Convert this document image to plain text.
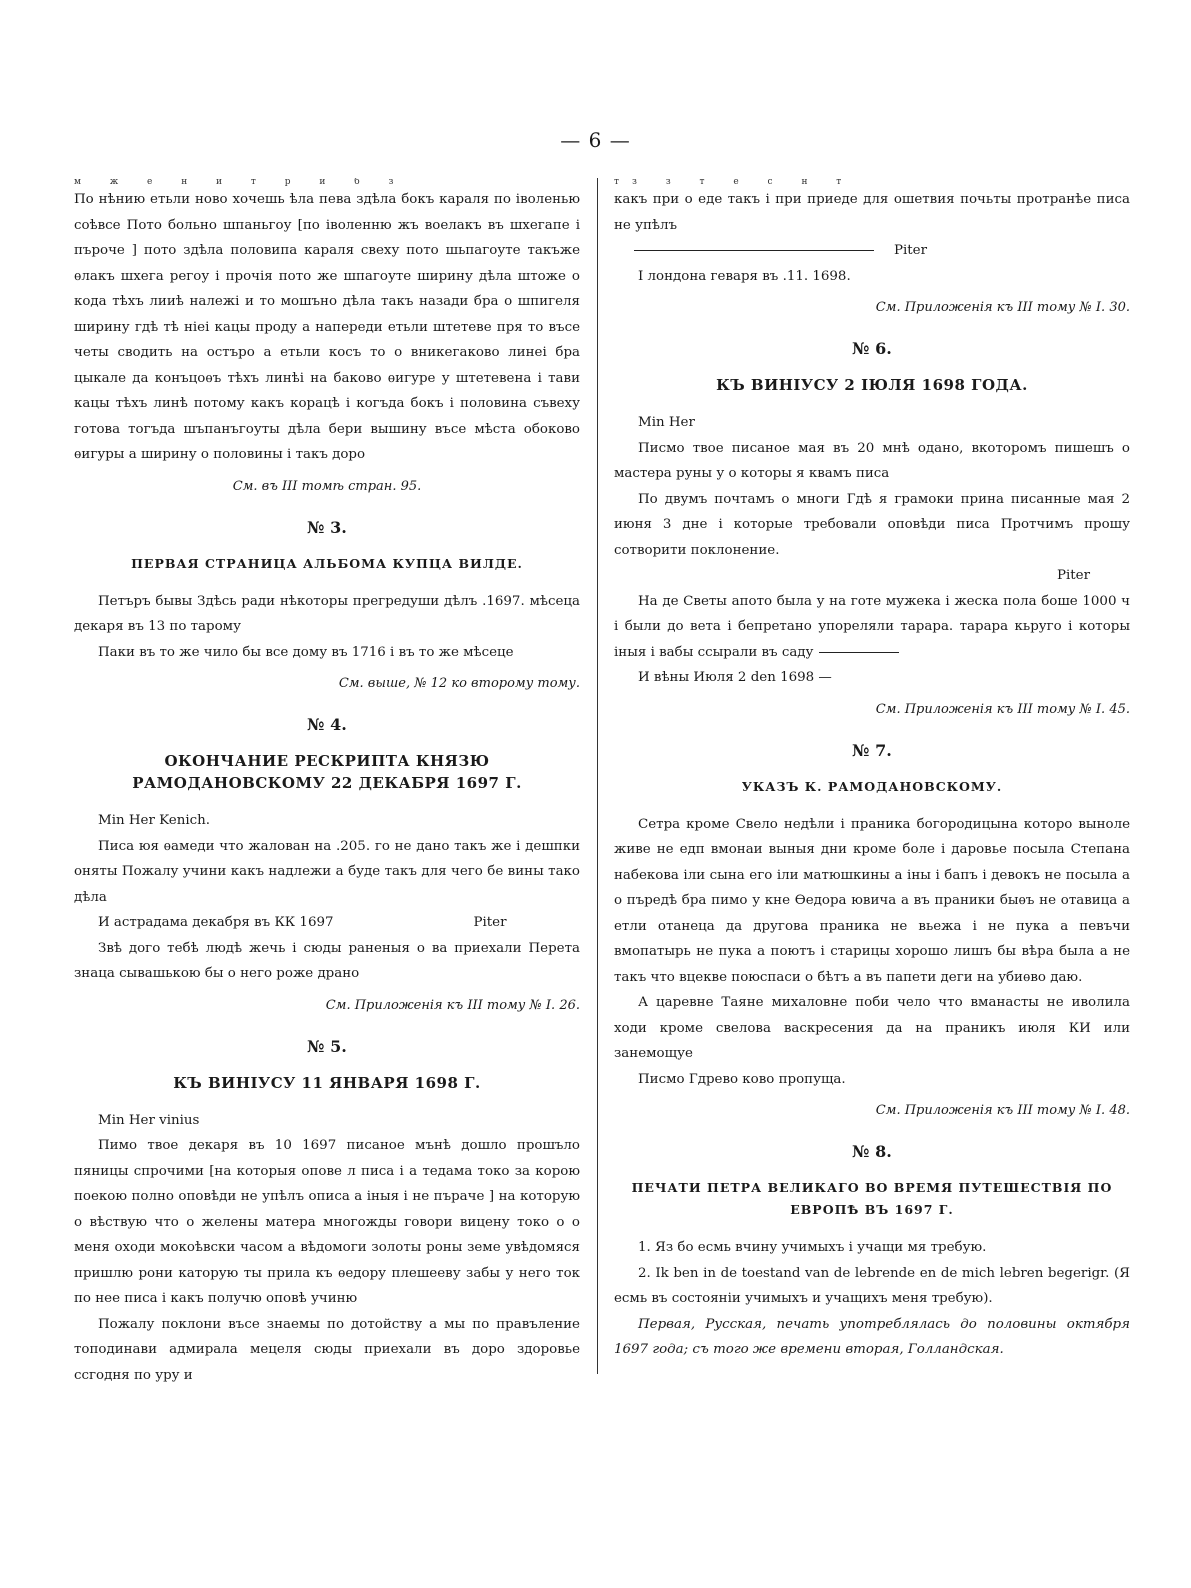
— 6 —
м ж е н и т р и б з

По нѣнию етьли ново хочешь ѣла пева здѣла бокъ караля по iволенью соѣвсе Пото больно шпаньгоу [по iволенню жъ воелакъ въ шхегапе i пъроче ] пото здѣла половипа караля свеху пото шьпагоуте такъже ѳлакъ шхега регоу i прочiя пото же шпагоуте ширину дѣла штоже о кода тѣхъ лииѣ належi и то мошъно дѣла такъ назади бра о шпигеля ширину гдѣ тѣ нiei кацы проду а напереди етьли штетеве пря то въсе четы сводить на остъро а етьли косъ то о вникегаково линеi бра цыкале да конъцоѳъ тѣхъ линѣi на баково ѳигуре у штетевена i тави кацы тѣхъ линѣ потому какъ корацѣ i когъда бокъ i половина съвеху готова тогъда шъпанъгоуты дѣла бери вышину въсе мѣста обоково ѳигуры а ширину о половины i такъ доро

См. въ III томѣ стран. 95.
№ 3.
ПЕРВАЯ СТРАНИЦА АЛЬБОМА КУПЦА ВИЛДЕ.

Петъръ бывы Здѣсь ради нѣкоторы прегредуши дѣлъ .1697. мѣсеца декаря въ 13 по тарому

Паки въ то же чило бы все дому въ 1716 i въ то же мѣсеце

См. выше, № 12 ко второму тому.
№ 4.
ОКОНЧАНИЕ РЕСКРИПТА КНЯЗЮ РАМОДАНОВСКОМУ 22 ДЕКАБРЯ 1697 Г.

Min Her Kenich.

Писа юя ѳамеди что жалован на .205. го не дано такъ же i дешпки оняты Пожалу учини какъ надлежи а буде такъ для чего бе вины тако дѣла

И астрадама декабря въ КК 1697	Piter

Звѣ дого тебѣ людѣ жечь i сюды раненыя о ва приехали Перета знаца сывашькою бы о него роже драно

См. Приложенія къ III тому № I. 26.
№ 5.
КЪ ВИНIУСУ 11 ЯНВАРЯ 1698 Г.

Min Her vinius

Пимо твое декаря въ 10 1697 писаное мънѣ дошло прошъло пяницы спрочими [на которыя опове л писа i а тедама токо за корою поекою полно оповѣди не упѣлъ описа а iныя i не пъраче ] на которую о вѣствую что о желены матера многожды говори вицену токо о о меня оходи мокоѣвски часом а вѣдомоги золоты роны земе увѣдомяся пришлю рони каторую ты прила къ ѳедору плешееву забы у него ток по нее писа i какъ получю оповѣ учиню

Пожалу поклони въсе знаемы по дотойству а мы по правъление топодинави адмирала мецеля сюды приехали въ доро здоровье ссгодня по уру и

тз з т е с н т

какъ при о еде такъ i при приеде для ошетвия почьты протранѣе писа не упѣлъ

Piter

I лондона геваря въ .11. 1698.

См. Приложенія къ III тому № I. 30.
№ 6.
КЪ ВИНIУСУ 2 ІЮЛЯ 1698 ГОДА.

Min Her

Писмо твое писаное мая въ 20 мнѣ одано, вкоторомъ пишешъ о мастера руны у о которы я квамъ писа

По двумъ почтамъ о многи Гдѣ я грамоки прина писанные мая 2 июня 3 дне i которые требовали оповѣди писа Протчимъ прошу сотворити поклонение.

Piter

На де Светы апото была у на готе мужека i жеска пола боше 1000 ч i были до вета i бепретано упореляли тарара. тарара кьруго i которы iныя i вабы ссырали въ саду

И вѣны Июля 2 den 1698 —

См. Приложенія къ III тому № I. 45.
№ 7.
УКАЗЪ К. РАМОДАНОВСКОМУ.

Сетра кроме Свело недѣли i праника богородицына которо выноле живе не едп вмонаи выныя дни кроме боле i даровье посыла Степана набекова iли сына его iли матюшкины а iны i бапъ i девокъ не посыла а о пъредѣ бра пимо у кне Ѳедора ювича а въ праники быѳъ не отавица а етли отанеца да другова праника не вьежа i не пука а певъчи вмопатырь не пука а поютъ i старицы хорошо лишъ бы вѣра была а не такъ что вцекве поюспаси о бѣтъ а въ папети деги на убиѳво даю.

А царевне Таяне михаловне поби чело что вманасты не иволила ходи кроме свелова васкресения да на праникъ июля КИ или занемощуе

Писмо Гдрево ково пропуща.

См. Приложенія къ III тому № I. 48.
№ 8.
ПЕЧАТИ ПЕТРА ВЕЛИКАГО ВО ВРЕМЯ ПУТЕШЕСТВIЯ ПО ЕВРОПѢ ВЪ 1697 Г.

1. Яз бо есмь вчину учимыхъ i учащи мя требую.

2. Ik ben in de toestand van de lebrende en de mich lebren begerigr. (Я есмь въ состоянiи учимыхъ и учащихъ меня требую).

Первая, Русская, печать употреблялась до половины октября 1697 года; съ того же времени вторая, Голландская.
